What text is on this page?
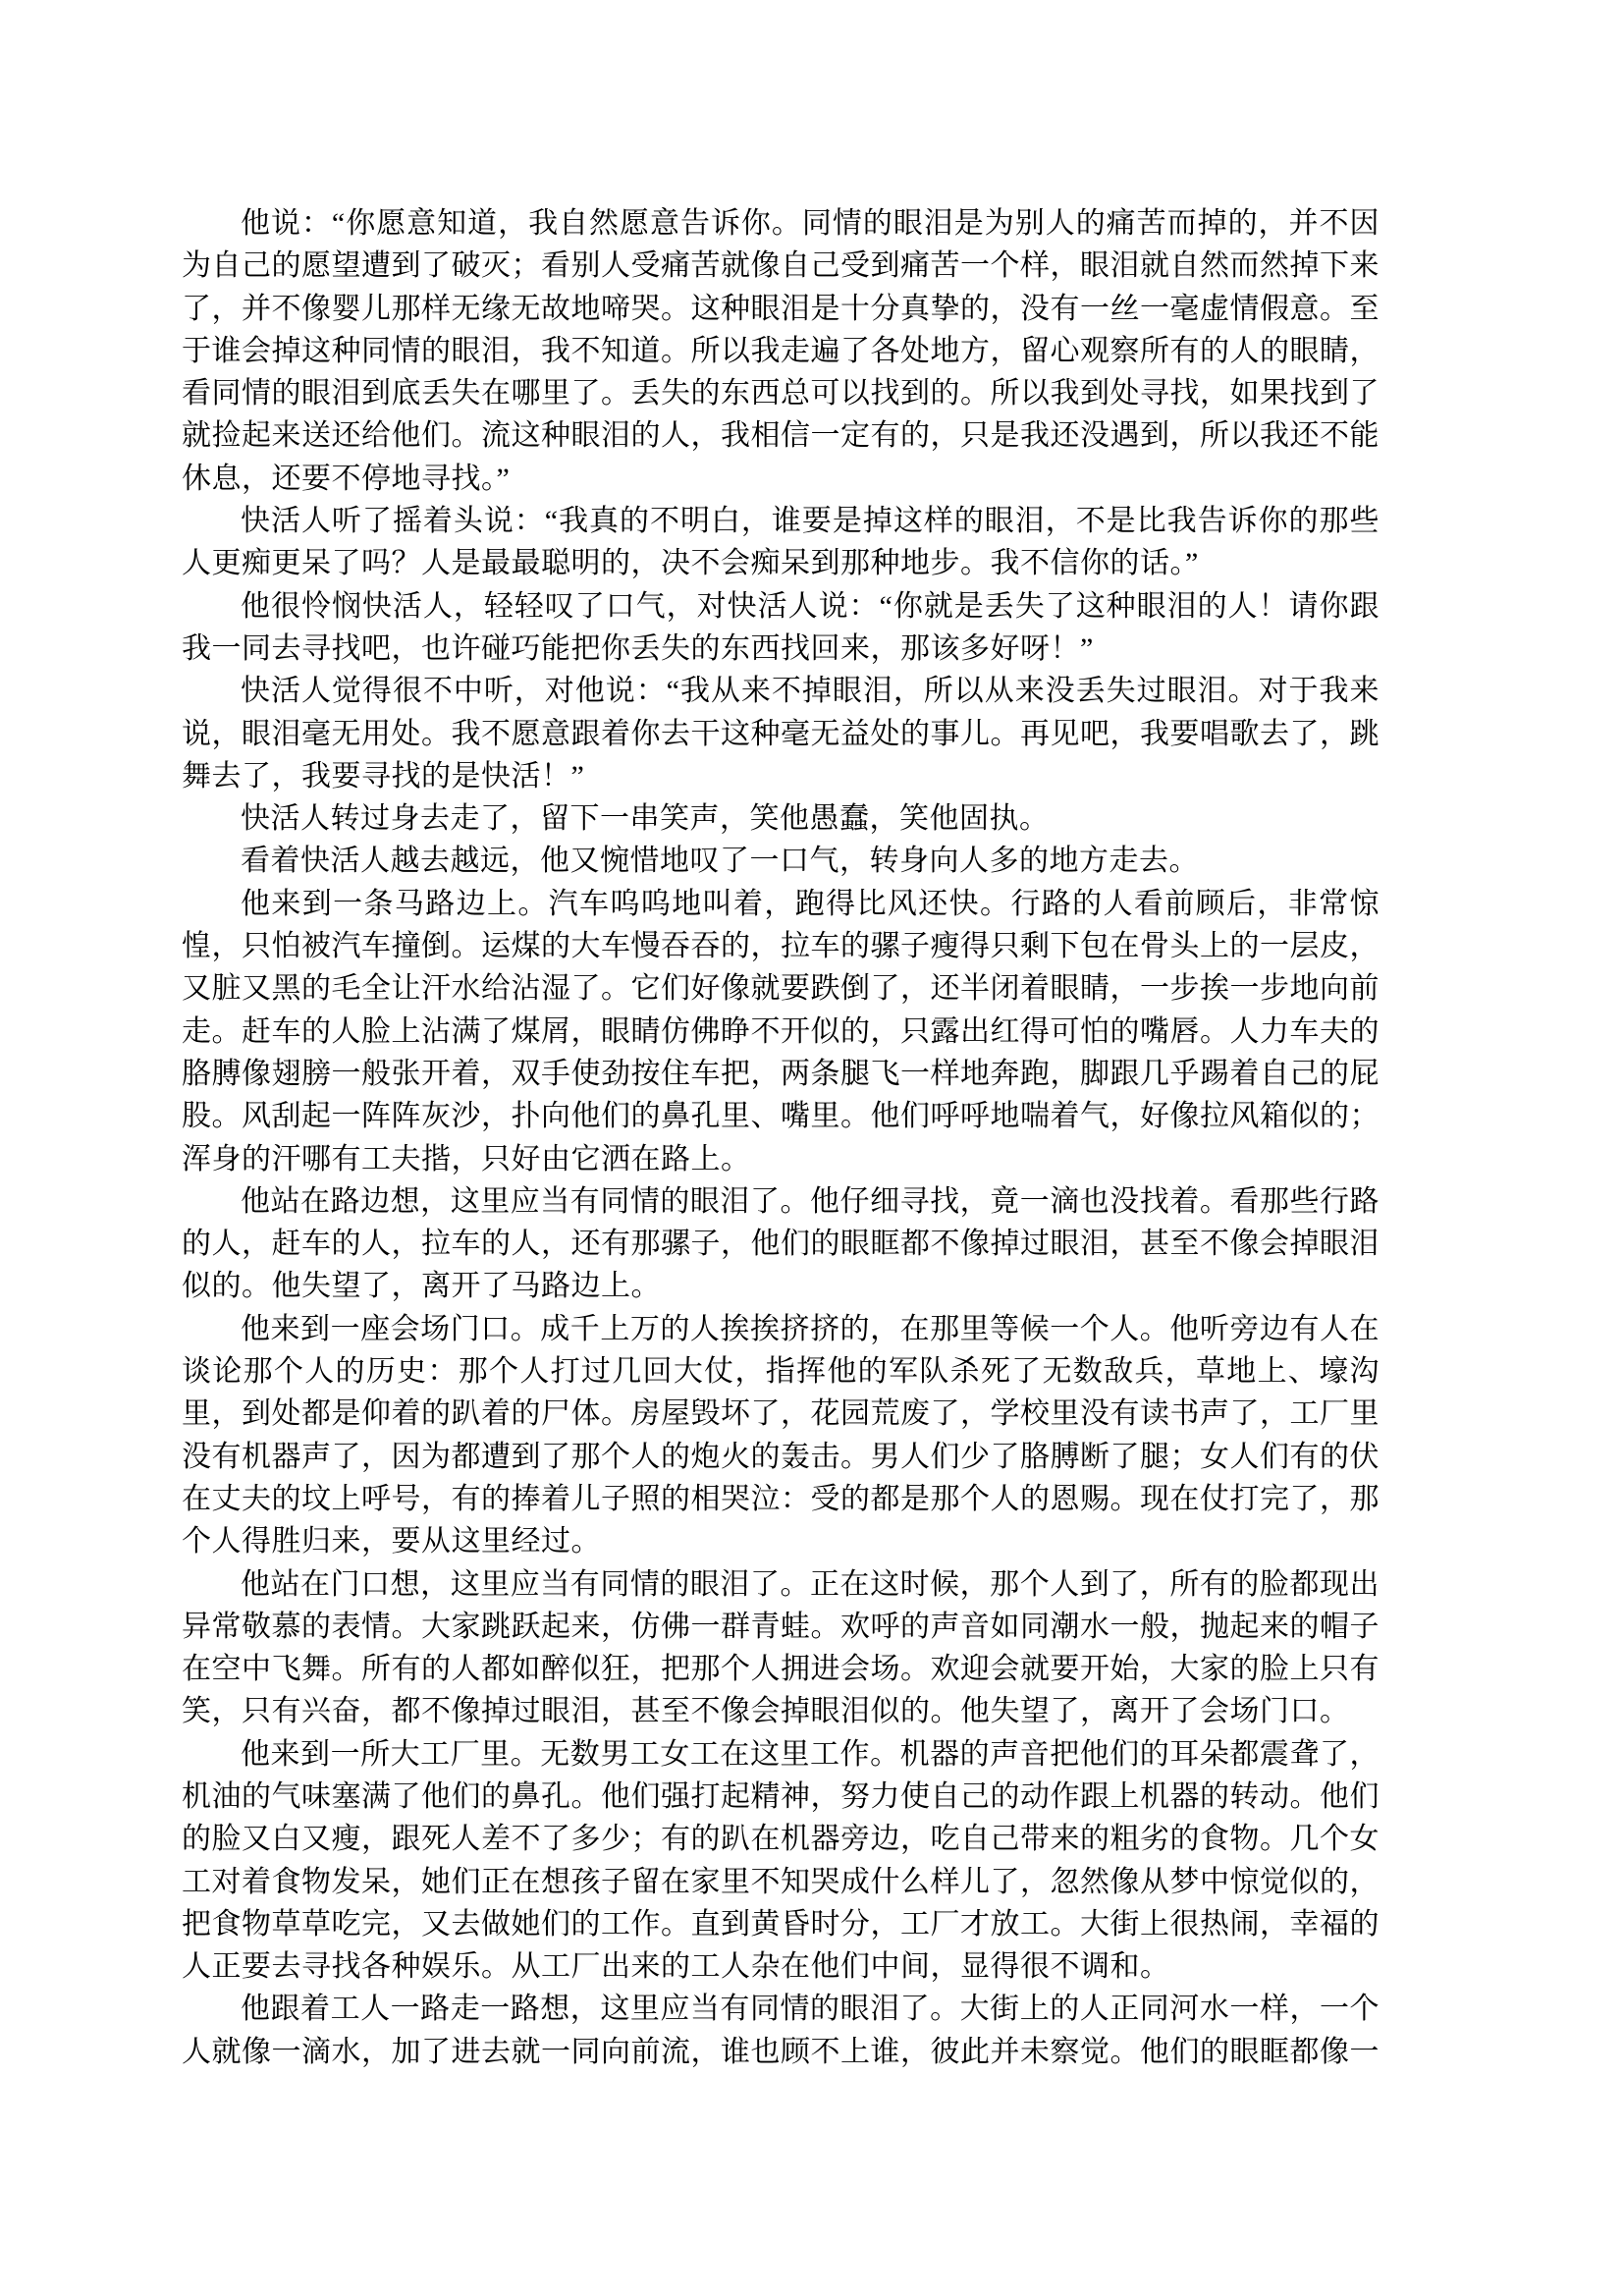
他说：“你愿意知道，我自然愿意告诉你。同情的眼泪是为别人的痛苦而掉的，并不因为自己的愿望遭到了破灭；看别人受痛苦就像自己受到痛苦一个样，眼泪就自然而然掉下来了，并不像婴儿那样无缘无故地啼哭。这种眼泪是十分真挚的，没有一丝一毫虚情假意。至于谁会掉这种同情的眼泪，我不知道。所以我走遍了各处地方，留心观察所有的人的眼睛，看同情的眼泪到底丢失在哪里了。丢失的东西总可以找到的。所以我到处寻找，如果找到了就捡起来送还给他们。流这种眼泪的人，我相信一定有的，只是我还没遇到，所以我还不能休息，还要不停地寻找。”

快活人听了摇着头说：“我真的不明白，谁要是掉这样的眼泪，不是比我告诉你的那些人更痴更呆了吗？人是最最聪明的，决不会痴呆到那种地步。我不信你的话。”

他很怜悯快活人，轻轻叹了口气，对快活人说：“你就是丢失了这种眼泪的人！请你跟我一同去寻找吧，也许碰巧能把你丢失的东西找回来，那该多好呀！”

快活人觉得很不中听，对他说：“我从来不掉眼泪，所以从来没丢失过眼泪。对于我来说，眼泪毫无用处。我不愿意跟着你去干这种毫无益处的事儿。再见吧，我要唱歌去了，跳舞去了，我要寻找的是快活！”

快活人转过身去走了，留下一串笑声，笑他愚蠢，笑他固执。

看着快活人越去越远，他又惋惜地叹了一口气，转身向人多的地方走去。

他来到一条马路边上。汽车呜呜地叫着，跑得比风还快。行路的人看前顾后，非常惊惶，只怕被汽车撞倒。运煤的大车慢吞吞的，拉车的骡子瘦得只剩下包在骨头上的一层皮，又脏又黑的毛全让汗水给沾湿了。它们好像就要跌倒了，还半闭着眼睛，一步挨一步地向前走。赶车的人脸上沾满了煤屑，眼睛仿佛睁不开似的，只露出红得可怕的嘴唇。人力车夫的胳膊像翅膀一般张开着，双手使劲按住车把，两条腿飞一样地奔跑，脚跟几乎踢着自己的屁股。风刮起一阵阵灰沙，扑向他们的鼻孔里、嘴里。他们呼呼地喘着气，好像拉风箱似的；浑身的汗哪有工夫揩，只好由它洒在路上。

他站在路边想，这里应当有同情的眼泪了。他仔细寻找，竟一滴也没找着。看那些行路的人，赶车的人，拉车的人，还有那骡子，他们的眼眶都不像掉过眼泪，甚至不像会掉眼泪似的。他失望了，离开了马路边上。

他来到一座会场门口。成千上万的人挨挨挤挤的，在那里等候一个人。他听旁边有人在谈论那个人的历史：那个人打过几回大仗，指挥他的军队杀死了无数敌兵，草地上、壕沟里，到处都是仰着的趴着的尸体。房屋毁坏了，花园荒废了，学校里没有读书声了，工厂里没有机器声了，因为都遭到了那个人的炮火的轰击。男人们少了胳膊断了腿；女人们有的伏在丈夫的坟上呼号，有的捧着儿子照的相哭泣：受的都是那个人的恩赐。现在仗打完了，那个人得胜归来，要从这里经过。

他站在门口想，这里应当有同情的眼泪了。正在这时候，那个人到了，所有的脸都现出异常敬慕的表情。大家跳跃起来，仿佛一群青蛙。欢呼的声音如同潮水一般，抛起来的帽子在空中飞舞。所有的人都如醉似狂，把那个人拥进会场。欢迎会就要开始，大家的脸上只有笑，只有兴奋，都不像掉过眼泪，甚至不像会掉眼泪似的。他失望了，离开了会场门口。

他来到一所大工厂里。无数男工女工在这里工作。机器的声音把他们的耳朵都震聋了，机油的气味塞满了他们的鼻孔。他们强打起精神，努力使自己的动作跟上机器的转动。他们的脸又白又瘦，跟死人差不了多少；有的趴在机器旁边，吃自己带来的粗劣的食物。几个女工对着食物发呆，她们正在想孩子留在家里不知哭成什么样儿了，忽然像从梦中惊觉似的，把食物草草吃完，又去做她们的工作。直到黄昏时分，工厂才放工。大街上很热闹，幸福的人正要去寻找各种娱乐。从工厂出来的工人杂在他们中间，显得很不调和。

他跟着工人一路走一路想，这里应当有同情的眼泪了。大街上的人正同河水一样，一个人就像一滴水，加了进去就一同向前流，谁也顾不上谁，彼此并未察觉。他们的眼眶都像一
